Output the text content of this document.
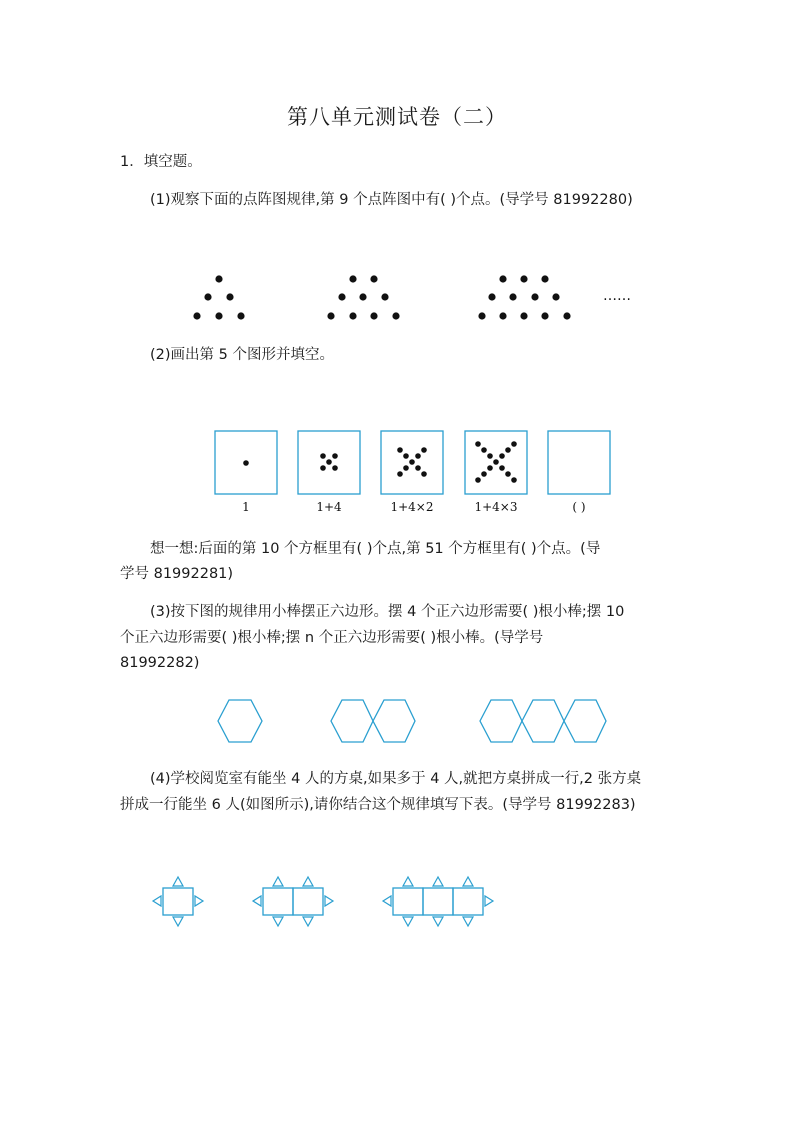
第八单元测试卷（二）
1．填空题。
(1)观察下面的点阵图规律,第 9 个点阵图中有( )个点。(导学号 81992280)
……
(2)画出第 5 个图形并填空。
1	1+4	1+4×2	1+4×3	( )
想一想:后面的第 10 个方框里有( )个点,第 51 个方框里有( )个点。(导
学号 81992281)
(3)按下图的规律用小棒摆正六边形。摆 4 个正六边形需要( )根小棒;摆 10
个正六边形需要( )根小棒;摆 n 个正六边形需要( )根小棒。(导学号
81992282)
(4)学校阅览室有能坐 4 人的方桌,如果多于 4 人,就把方桌拼成一行,2 张方桌
拼成一行能坐 6 人(如图所示),请你结合这个规律填写下表。(导学号 81992283)
